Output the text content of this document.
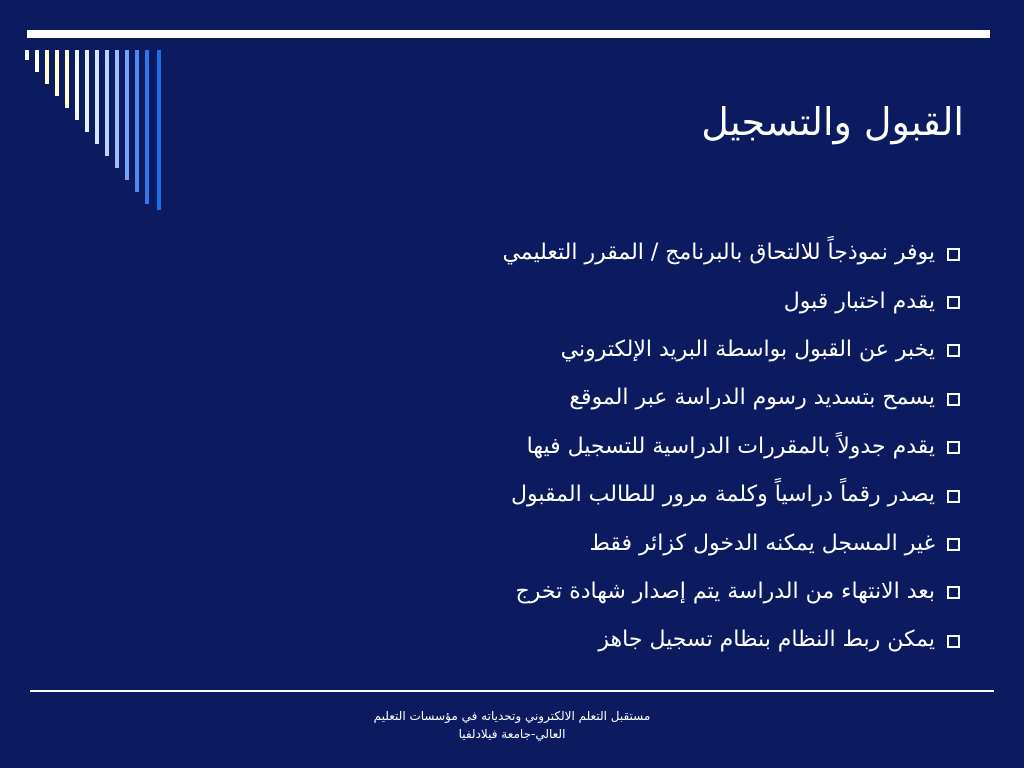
القبول والتسجيل
يوفر نموذجاً للالتحاق بالبرنامج / المقرر التعليمي
يقدم اختبار قبول
يخبر عن القبول بواسطة البريد الإلكتروني
يسمح بتسديد رسوم الدراسة عبر الموقع
يقدم جدولاً بالمقررات الدراسية للتسجيل فيها
يصدر رقماً دراسياً وكلمة مرور للطالب المقبول
غير المسجل يمكنه الدخول كزائر فقط
بعد الانتهاء من الدراسة يتم إصدار شهادة تخرج
يمكن ربط النظام بنظام تسجيل جاهز
مستقبل التعلم الالكتروني وتحدياته في مؤسسات التعليم
العالي-جامعة فيلادلفيا
